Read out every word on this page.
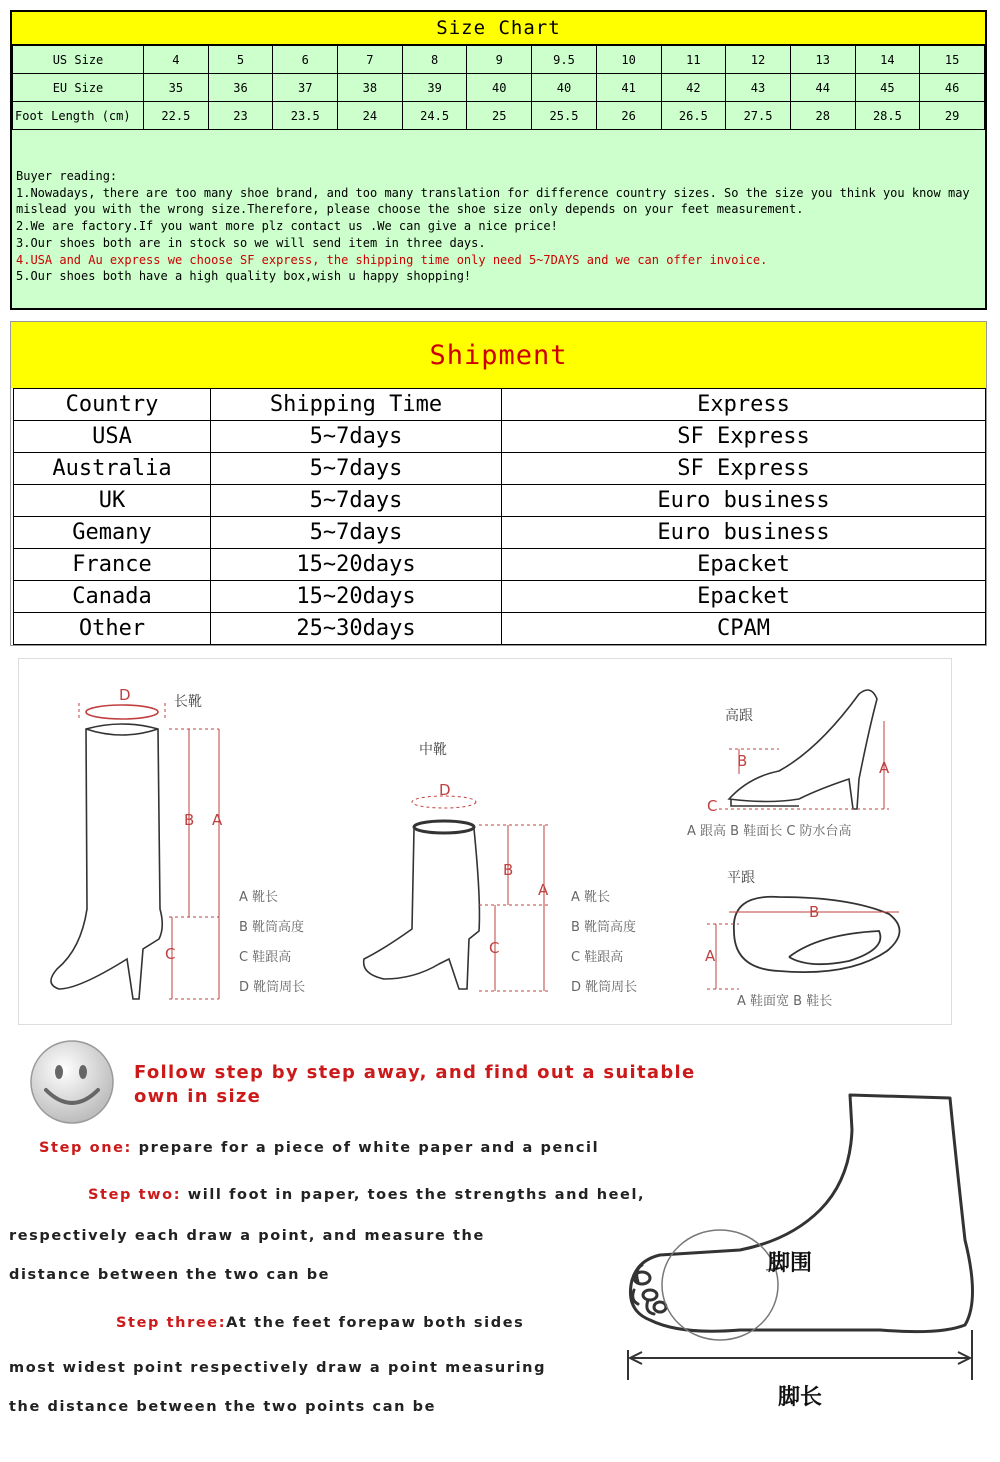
Size Chart
US Size	4	5	6	7	8	9	9.5	10	11	12	13	14	15
EU Size	35	36	37	38	39	40	40	41	42	43	44	45	46
Foot Length (cm)	22.5	23	23.5	24	24.5	25	25.5	26	26.5	27.5	28	28.5	29
Buyer reading:
1.Nowadays, there are too many shoe brand, and too many translation for difference country sizes. So the size you think you know may mislead you with the wrong size.Therefore, please choose the shoe size only depends on your feet measurement.
2.We are factory.If you want more plz contact us .We can give a nice price!
3.Our shoes both are in stock so we will send item in three days.
4.USA and Au express we choose SF express, the shipping time only need 5~7DAYS and we can offer invoice.
5.Our shoes both have a high quality box,wish u happy shopping!
Shipment
Country	Shipping Time	Express
USA	5~7days	SF Express
Australia	5~7days	SF Express
UK	5~7days	Euro business
Gemany	5~7days	Euro business
France	15~20days	Epacket
Canada	15~20days	Epacket
Other	25~30days	CPAM
长靴
D
B A
C
A 靴长
B 靴筒高度
C 鞋跟高
D 靴筒周长
中靴
D
B
A
C
A 靴长
B 靴筒高度
C 鞋跟高
D 靴筒周长
高跟
B	A
C
A 跟高 B 鞋面长 C 防水台高
平跟
B
A
A 鞋面宽 B 鞋长
Follow step by step away, and find out a suitable
own in size
Step one: prepare for a piece of white paper and a pencil
Step two: will foot in paper, toes the strengths and heel,
respectively each draw a point, and measure the
distance between the two can be
Step three:At the feet forepaw both sides
most widest point respectively draw a point measuring
the distance between the two points can be
脚围
脚长
